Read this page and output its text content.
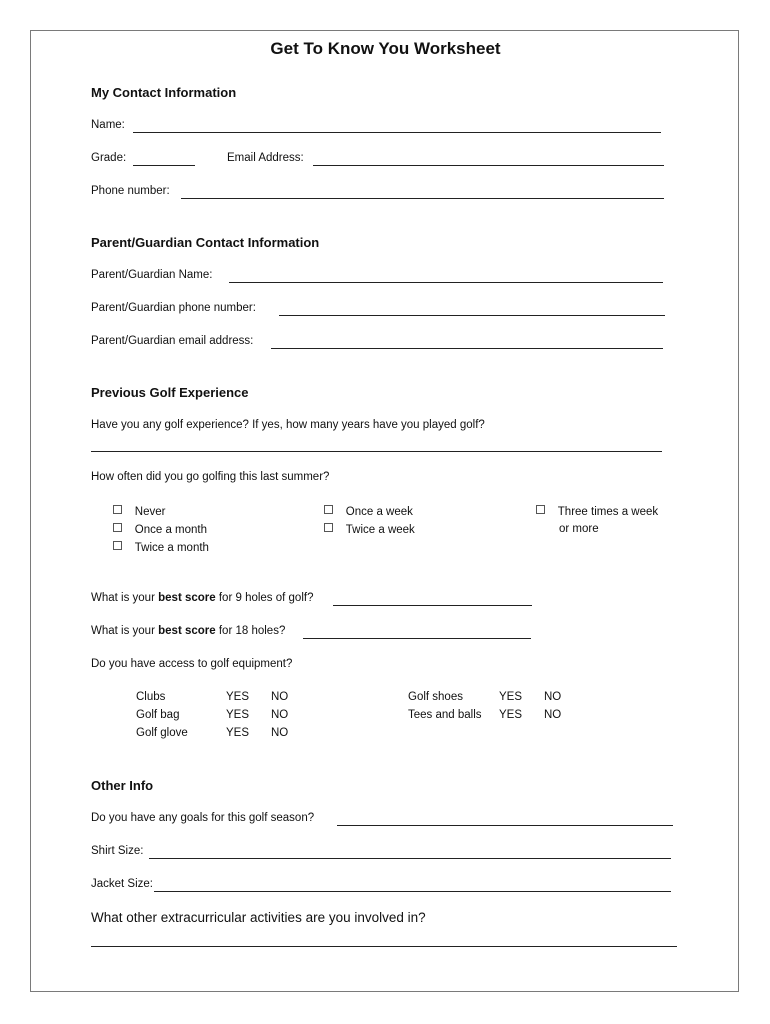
Get To Know You Worksheet
My Contact Information
Name:
Grade:	Email Address:
Phone number:
Parent/Guardian Contact Information
Parent/Guardian Name:
Parent/Guardian phone number:
Parent/Guardian email address:
Previous Golf Experience
Have you any golf experience? If yes, how many years have you played golf?
How often did you go golfing this last summer?
Never
Once a month
Twice a month
Once a week
Twice a week
Three times a week
or more
What is your best score for 9 holes of golf?
What is your best score for 18 holes?
Do you have access to golf equipment?
Clubs	YES NO
Golf bag	YES NO
Golf glove	YES NO
Golf shoes	YES NO
Tees and balls YES NO
Other Info
Do you have any goals for this golf season?
Shirt Size:
Jacket Size:
What other extracurricular activities are you involved in?
